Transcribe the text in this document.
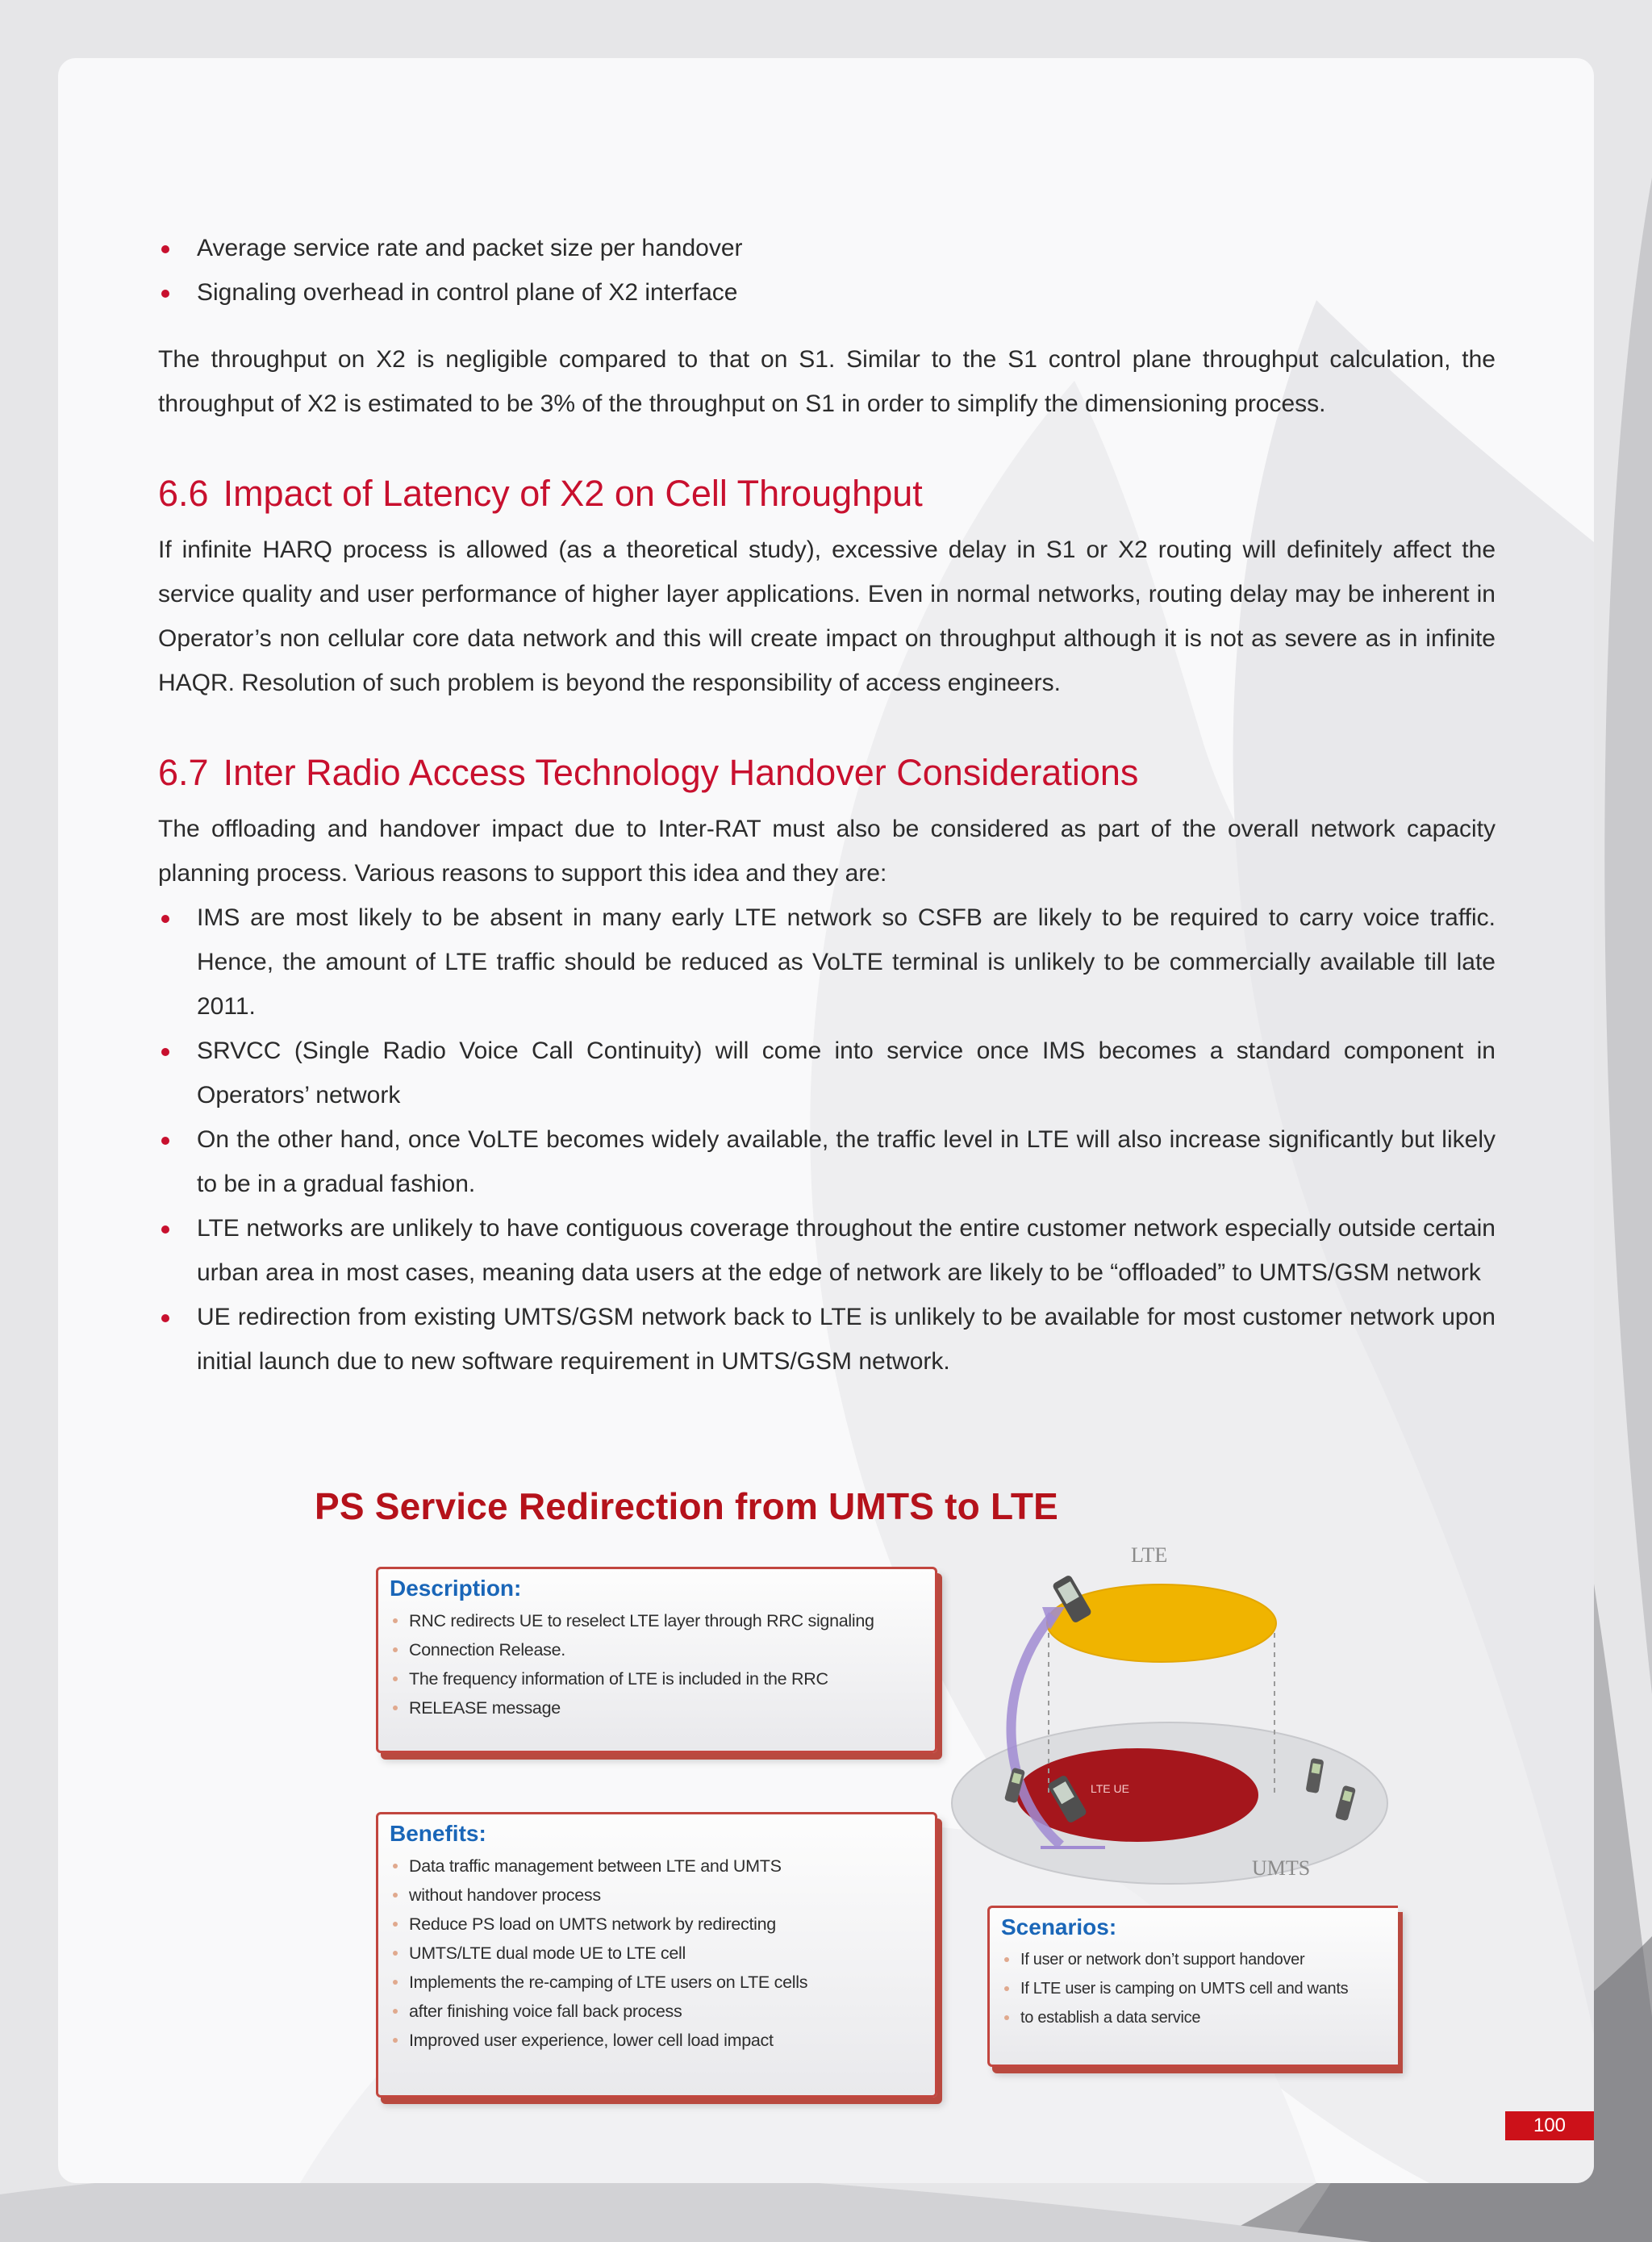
Average service rate and packet size per handover
Signaling overhead in control plane of X2 interface

The throughput on X2 is negligible compared to that on S1. Similar to the S1 control plane throughput calculation, the throughput of X2 is estimated to be 3% of the throughput on S1 in order to simplify the dimensioning process.

6.6 Impact of Latency of X2 on Cell Throughput

If infinite HARQ process is allowed (as a theoretical study), excessive delay in S1 or X2 routing will definitely affect the service quality and user performance of higher layer applications. Even in normal networks, routing delay may be inherent in Operator’s non cellular core data network and this will create impact on throughput although it is not as severe as in infinite HAQR. Resolution of such problem is beyond the responsibility of access engineers.

6.7 Inter Radio Access Technology Handover Considerations

The offloading and handover impact due to Inter-RAT must also be considered as part of the overall network capacity planning process. Various reasons to support this idea and they are:

IMS are most likely to be absent in many early LTE network so CSFB are likely to be required to carry voice traffic. Hence, the amount of LTE traffic should be reduced as VoLTE terminal is unlikely to be commercially available till late 2011.
SRVCC (Single Radio Voice Call Continuity) will come into service once IMS becomes a standard component in Operators’ network
On the other hand, once VoLTE becomes widely available, the traffic level in LTE will also increase significantly but likely to be in a gradual fashion.
LTE networks are unlikely to have contiguous coverage throughout the entire customer network especially outside certain urban area in most cases, meaning data users at the edge of network are likely to be “offloaded” to UMTS/GSM network
UE redirection from existing UMTS/GSM network back to LTE is unlikely to be available for most customer network upon initial launch due to new software requirement in UMTS/GSM network.
PS Service Redirection from UMTS to LTE
Description:
RNC redirects UE to reselect LTE layer through RRC signaling
Connection Release.
The frequency information of LTE is included in the RRC
RELEASE message
Benefits:
Data traffic management between LTE and UMTS
without handover process
Reduce PS load on UMTS network by redirecting
UMTS/LTE dual mode UE to LTE cell
Implements the re-camping of LTE users on LTE cells
after finishing voice fall back process
Improved user experience, lower cell load impact
Scenarios:
If user or network don’t support handover
If LTE user is camping on UMTS cell and wants
to establish a data service
LTE
UMTS
LTE UE
100
